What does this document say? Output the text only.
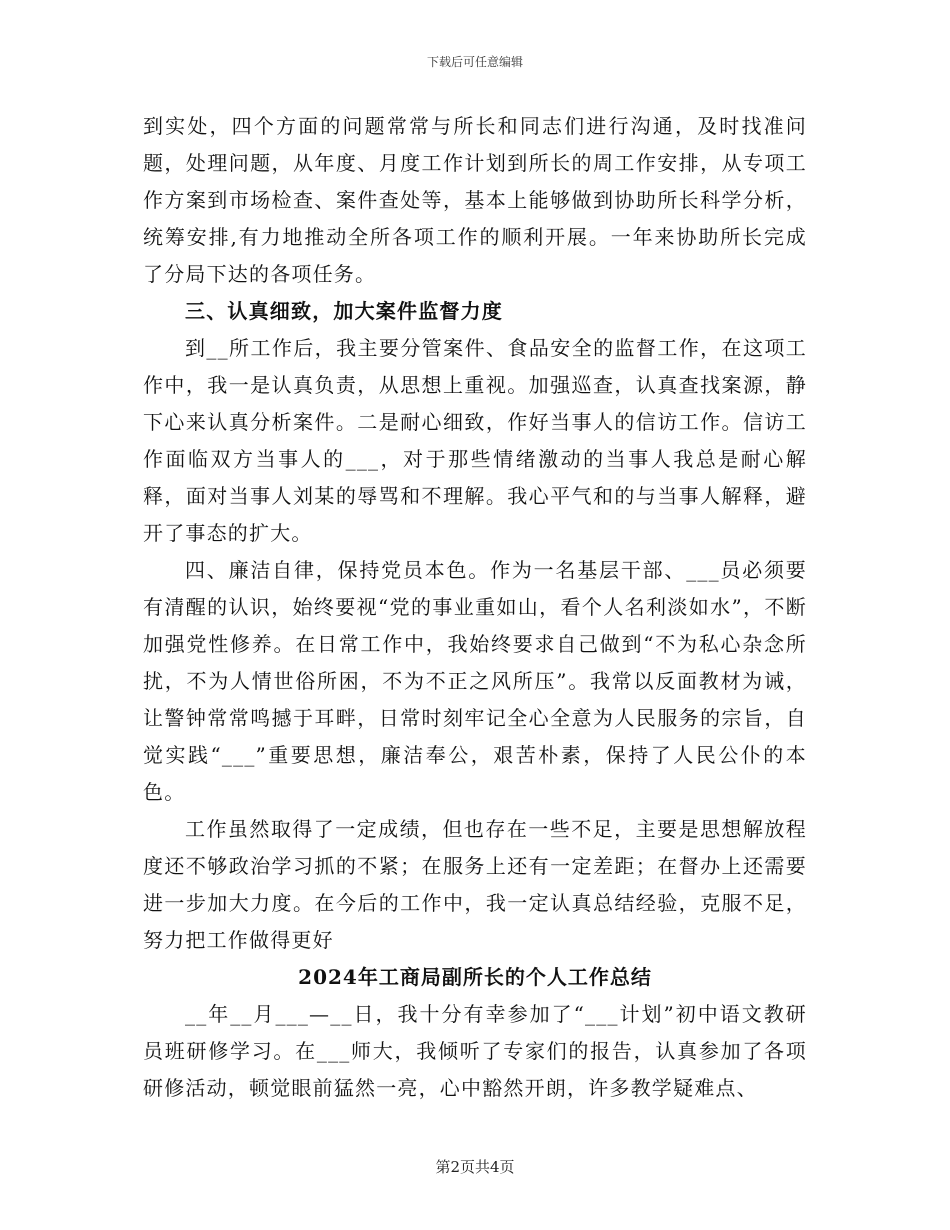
下载后可任意编辑

到实处，四个方面的问题常常与所长和同志们进行沟通，及时找准问题，处理问题，从年度、月度工作计划到所长的周工作安排，从专项工作方案到市场检查、案件查处等，基本上能够做到协助所长科学分析，统筹安排,有力地推动全所各项工作的顺利开展。一年来协助所长完成了分局下达的各项任务。

三、认真细致，加大案件监督力度

到__所工作后，我主要分管案件、食品安全的监督工作，在这项工作中，我一是认真负责，从思想上重视。加强巡查，认真查找案源，静下心来认真分析案件。二是耐心细致，作好当事人的信访工作。信访工作面临双方当事人的___，对于那些情绪激动的当事人我总是耐心解释，面对当事人刘某的辱骂和不理解。我心平气和的与当事人解释，避开了事态的扩大。

四、廉洁自律，保持党员本色。作为一名基层干部、___员必须要有清醒的认识，始终要视“党的事业重如山，看个人名利淡如水”，不断加强党性修养。在日常工作中，我始终要求自己做到“不为私心杂念所扰，不为人情世俗所困，不为不正之风所压”。我常以反面教材为诫，让警钟常常鸣撼于耳畔，日常时刻牢记全心全意为人民服务的宗旨，自觉实践“___”重要思想，廉洁奉公，艰苦朴素，保持了人民公仆的本色。

工作虽然取得了一定成绩，但也存在一些不足，主要是思想解放程度还不够政治学习抓的不紧；在服务上还有一定差距；在督办上还需要进一步加大力度。在今后的工作中，我一定认真总结经验，克服不足，努力把工作做得更好

2024年工商局副所长的个人工作总结

__年__月___—__日，我十分有幸参加了“___计划”初中语文教研员班研修学习。在___师大，我倾听了专家们的报告，认真参加了各项研修活动，顿觉眼前猛然一亮，心中豁然开朗，许多教学疑难点、

第2页共4页
